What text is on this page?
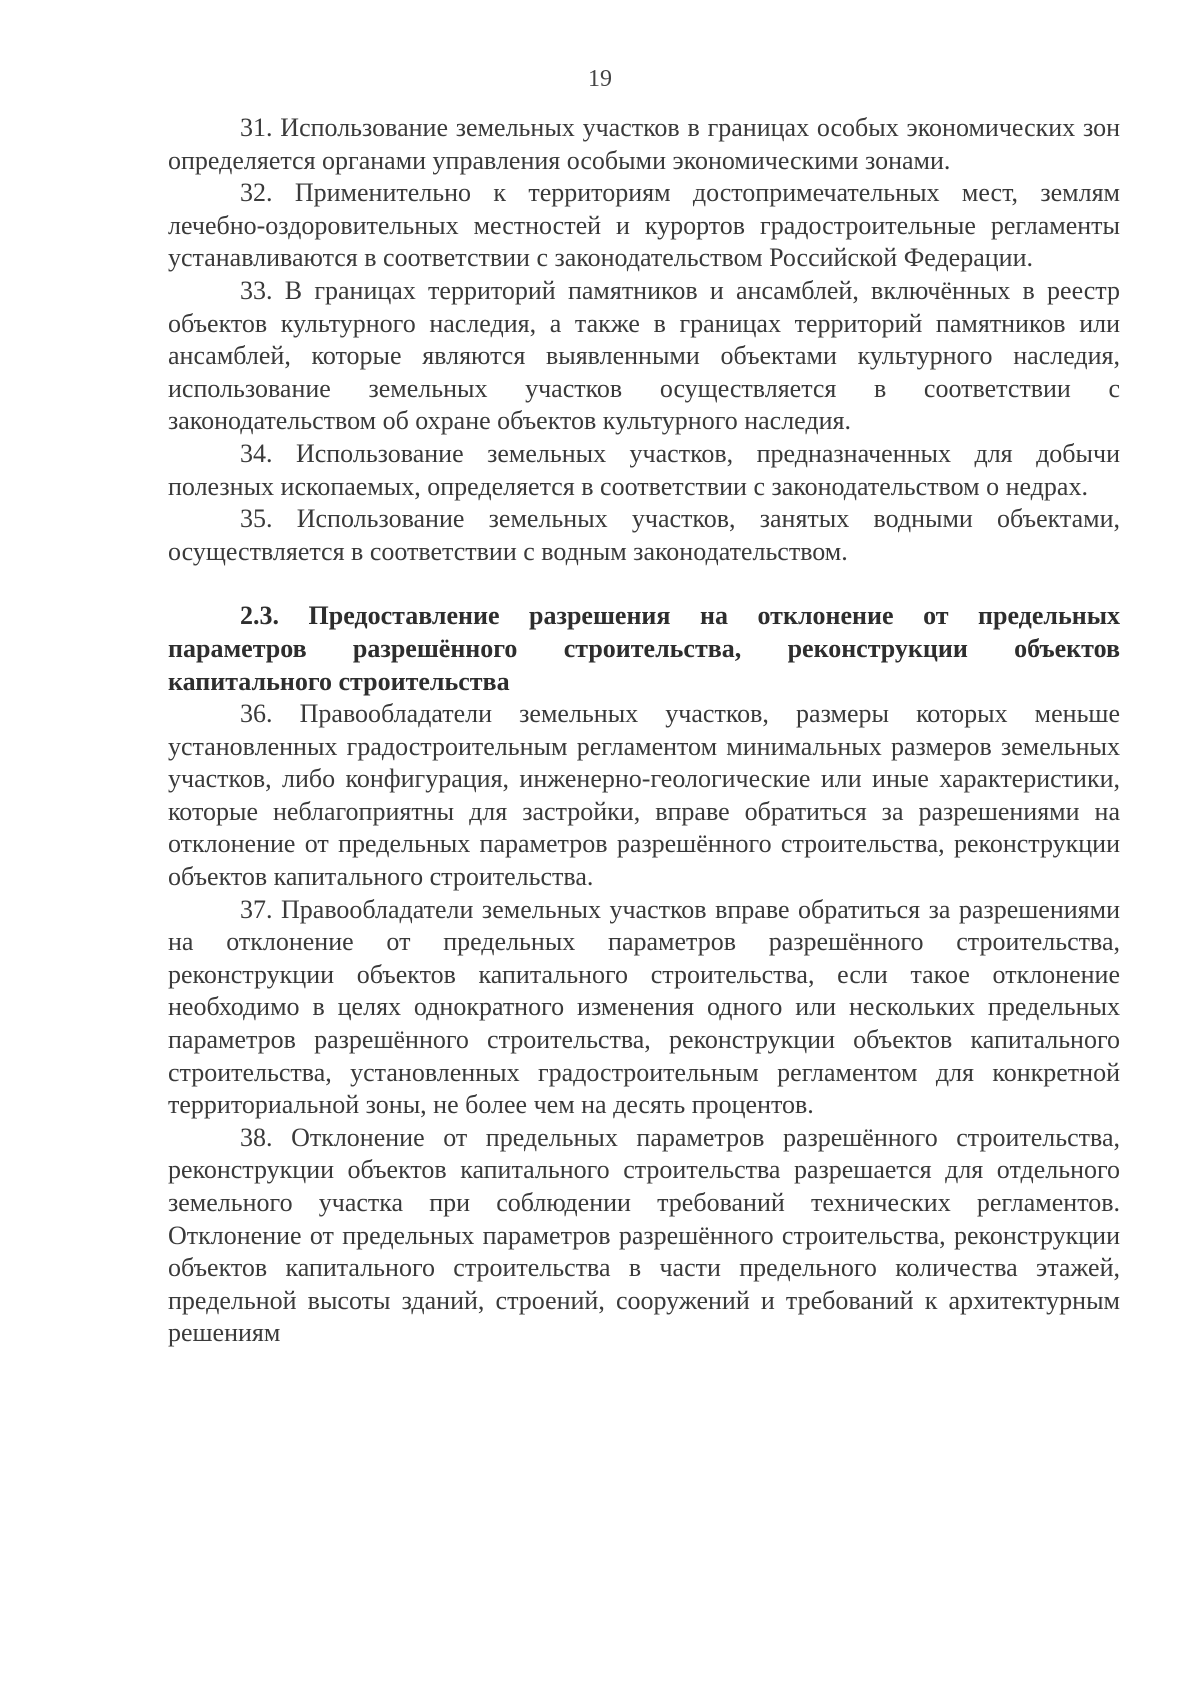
19

31. Использование земельных участков в границах особых экономических зон определяется органами управления особыми экономическими зонами.

32. Применительно к территориям достопримечательных мест, землям лечебно-оздоровительных местностей и курортов градостроительные регламенты устанавливаются в соответствии с законодательством Российской Федерации.

33. В границах территорий памятников и ансамблей, включённых в реестр объектов культурного наследия, а также в границах территорий памятников или ансамблей, которые являются выявленными объектами культурного наследия, использование земельных участков осуществляется в соответствии с законодательством об охране объектов культурного наследия.

34. Использование земельных участков, предназначенных для добычи полезных ископаемых, определяется в соответствии с законодательством о недрах.

35. Использование земельных участков, занятых водными объектами, осуществляется в соответствии с водным законодательством.

2.3. Предоставление разрешения на отклонение от предельных параметров разрешённого строительства, реконструкции объектов капитального строительства

36. Правообладатели земельных участков, размеры которых меньше установленных градостроительным регламентом минимальных размеров земельных участков, либо конфигурация, инженерно-геологические или иные характеристики, которые неблагоприятны для застройки, вправе обратиться за разрешениями на отклонение от предельных параметров разрешённого строительства, реконструкции объектов капитального строительства.

37. Правообладатели земельных участков вправе обратиться за разрешениями на отклонение от предельных параметров разрешённого строительства, реконструкции объектов капитального строительства, если такое отклонение необходимо в целях однократного изменения одного или нескольких предельных параметров разрешённого строительства, реконструкции объектов капитального строительства, установленных градостроительным регламентом для конкретной территориальной зоны, не более чем на десять процентов.

38. Отклонение от предельных параметров разрешённого строительства, реконструкции объектов капитального строительства разрешается для отдельного земельного участка при соблюдении требований технических регламентов. Отклонение от предельных параметров разрешённого строительства, реконструкции объектов капитального строительства в части предельного количества этажей, предельной высоты зданий, строений, сооружений и требований к архитектурным решениям
